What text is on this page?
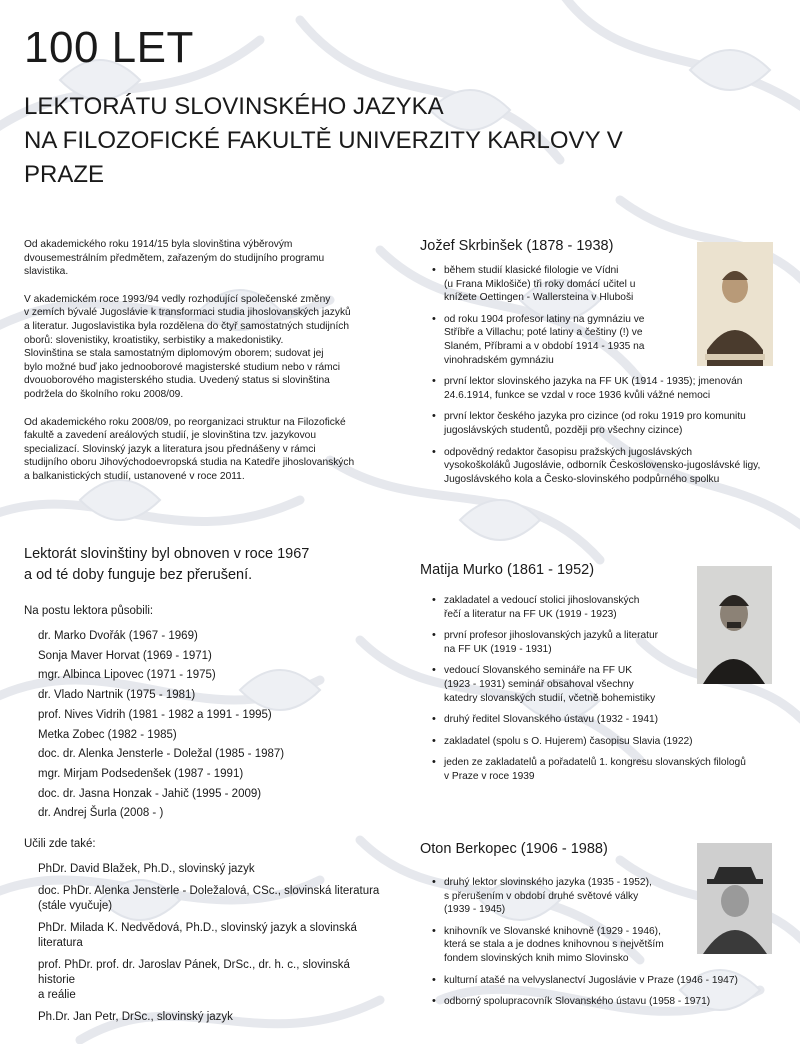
100 LET
LEKTORÁTU SLOVINSKÉHO JAZYKA
NA FILOZOFICKÉ FAKULTĚ UNIVERZITY KARLOVY V
PRAZE

Od akademického roku 1914/15 byla slovinština výběrovým
dvousemestrálním předmětem, zařazeným do studijního programu
slavistika.

V akademickém roce 1993/94 vedly rozhodující společenské změny
v zemích bývalé Jugoslávie k transformaci studia jihoslovanských jazyků
a literatur. Jugoslavistika byla rozdělena do čtyř samostatných studijních
oborů: slovenistiky, kroatistiky, serbistiky a makedonistiky.
Slovinština se stala samostatným diplomovým oborem; sudovat jej
bylo možné buď jako jednooborové magisterské studium nebo v rámci
dvouoborového magisterského studia. Uvedený status si slovinština
podržela do školního roku 2008/09.

Od akademického roku 2008/09, po reorganizaci struktur na Filozofické
fakultě a zavedení areálových studií, je slovinština tzv. jazykovou
specializací. Slovinský jazyk a literatura jsou přednášeny v rámci
studijního oboru Jihovýchodoevropská studia na Katedře jihoslovanských
a balkanistických studií, ustanovené v roce 2011.

Jožef Skrbinšek (1878 - 1938)
• během studií klasické filologie ve Vídni
(u Frana Miklošiče) tři roky domácí učitel u
knížete Oettingen - Wallersteina v Hluboši
• od roku 1904 profesor latiny na gymnáziu ve
Stříbře a Villachu; poté latiny a češtiny (!) ve
Slaném, Příbrami a v období 1914 - 1935 na
vinohradském gymnáziu
• první lektor slovinského jazyka na FF UK (1914 - 1935); jmenován
24.6.1914, funkce se vzdal v roce 1936 kvůli vážné nemoci
• první lektor českého jazyka pro cizince (od roku 1919 pro komunitu
jugoslávských studentů, později pro všechny cizince)
• odpovědný redaktor časopisu pražských jugoslávských
vysokoškoláků Jugoslávie, odborník Československo-jugoslávské ligy,
Jugoslávského kola a Česko-slovinského podpůrného spolku
Matija Murko (1861 - 1952)
• zakladatel a vedoucí stolici jihoslovanských
řečí a literatur na FF UK (1919 - 1923)
• první profesor jihoslovanských jazyků a literatur
na FF UK (1919 - 1931)
• vedoucí Slovanského semináře na FF UK
(1923 - 1931) seminář obsahoval všechny
katedry slovanských studií, včetně bohemistiky
• druhý ředitel Slovanského ústavu (1932 - 1941)
• zakladatel (spolu s O. Hujerem) časopisu Slavia (1922)
• jeden ze zakladatelů a pořadatelů 1. kongresu slovanských filologů
v Praze v roce 1939
Oton Berkopec (1906 - 1988)
• druhý lektor slovinského jazyka (1935 - 1952),
s přerušením v období druhé světové války
(1939 - 1945)
• knihovník ve Slovanské knihovně (1929 - 1946),
která se stala a je dodnes knihovnou s největším
fondem slovinských knih mimo Slovinsko
• kulturní atašé na velvyslanectví Jugoslávie v Praze (1946 - 1947)
• odborný spolupracovník Slovanského ústavu (1958 - 1971)
Lektorát slovinštiny byl obnoven v roce 1967
a od té doby funguje bez přerušení.
Na postu lektora působili:
dr. Marko Dvořák (1967 - 1969)
Sonja Maver Horvat (1969 - 1971)
mgr. Albinca Lipovec (1971 - 1975)
dr. Vlado Nartnik (1975 - 1981)
prof. Nives Vidrih (1981 - 1982 a 1991 - 1995)
Metka Zobec (1982 - 1985)
doc. dr. Alenka Jensterle - Doležal (1985 - 1987)
mgr. Mirjam Podsedenšek (1987 - 1991)
doc. dr. Jasna Honzak - Jahič (1995 - 2009)
dr. Andrej Šurla (2008 - )
Učili zde také:
PhDr. David Blažek, Ph.D., slovinský jazyk
doc. PhDr. Alenka Jensterle - Doležalová, CSc., slovinská literatura
(stále vyučuje)
PhDr. Milada K. Nedvědová, Ph.D., slovinský jazyk a slovinská
literatura
prof. PhDr. prof. dr. Jaroslav Pánek, DrSc., dr. h. c., slovinská historie
a reálie
Ph.Dr. Jan Petr, DrSc., slovinský jazyk
